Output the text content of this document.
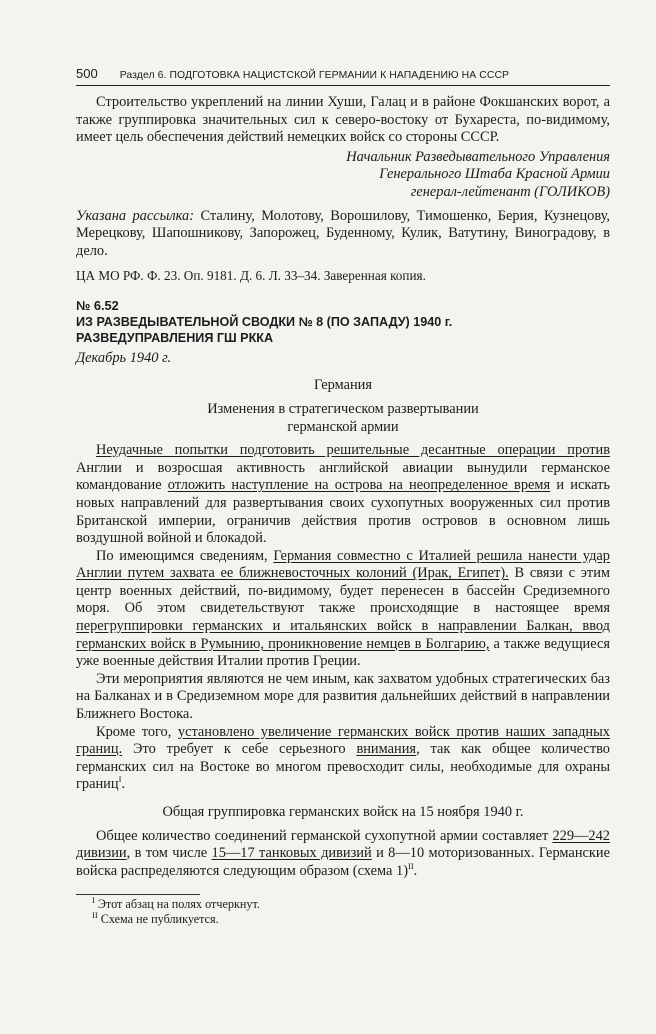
500 Раздел 6. ПОДГОТОВКА НАЦИСТСКОЙ ГЕРМАНИИ К НАПАДЕНИЮ НА СССР

Строительство укреплений на линии Хуши, Галац и в районе Фокшанских ворот, а также группировка значительных сил к северо-востоку от Бухареста, по-видимому, имеет цель обеспечения действий немецких войск со стороны СССР.

Начальник Разведывательного Управления
Генерального Штаба Красной Армии
генерал-лейтенант (ГОЛИКОВ)

Указана рассылка: Сталину, Молотову, Ворошилову, Тимошенко, Берия, Кузнецову, Мерецкову, Шапошникову, Запорожец, Буденному, Кулик, Ватутину, Виноградову, в дело.

ЦА МО РФ. Ф. 23. Оп. 9181. Д. 6. Л. 33–34. Заверенная копия.

№ 6.52
ИЗ РАЗВЕДЫВАТЕЛЬНОЙ СВОДКИ № 8 (ПО ЗАПАДУ) 1940 г.
РАЗВЕДУПРАВЛЕНИЯ ГШ РККА
Декабрь 1940 г.
Германия
Изменения в стратегическом развертывании
германской армии

Неудачные попытки подготовить решительные десантные операции против Англии и возросшая активность английской авиации вынудили германское командование отложить наступление на острова на неопределенное время и искать новых направлений для развертывания своих сухопутных вооруженных сил против Британской империи, ограничив действия против островов в основном лишь воздушной войной и блокадой.

По имеющимся сведениям, Германия совместно с Италией решила нанести удар Англии путем захвата ее ближневосточных колоний (Ирак, Египет). В связи с этим центр военных действий, по-видимому, будет перенесен в бассейн Средиземного моря. Об этом свидетельствуют также происходящие в настоящее время перегруппировки германских и итальянских войск в направлении Балкан, ввод германских войск в Румынию, проникновение немцев в Болгарию, а также ведущиеся уже военные действия Италии против Греции.

Эти мероприятия являются не чем иным, как захватом удобных стратегических баз на Балканах и в Средиземном море для развития дальнейших действий в направлении Ближнего Востока.

Кроме того, установлено увеличение германских войск против наших западных границ. Это требует к себе серьезного внимания, так как общее количество германских сил на Востоке во многом превосходит силы, необходимые для охраны границ$^I$.

Общая группировка германских войск на 15 ноября 1940 г.

Общее количество соединений германской сухопутной армии составляет 229—242 дивизии, в том числе 15—17 танковых дивизий и 8—10 моторизованных. Германские войска распределяются следующим образом (схема 1)$^{II}$.

$^I$ Этот абзац на полях отчеркнут.
$^{II}$ Схема не публикуется.
